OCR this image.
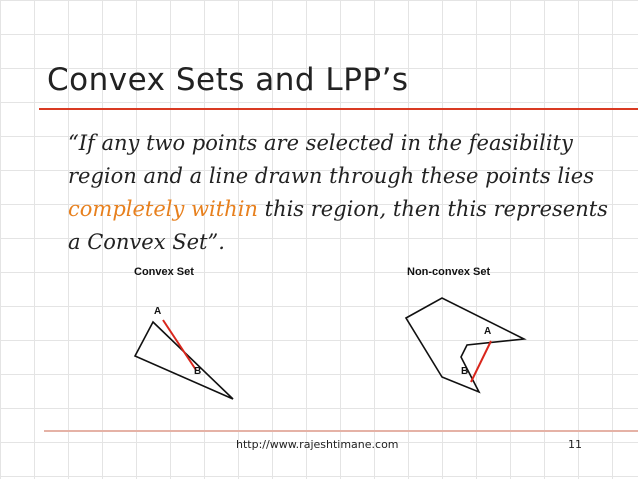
Convex Sets and LPP’s

“If any two points are selected in the feasibility region and a line drawn through these points lies completely within this region, then this represents a Convex Set”.

Convex Set	Non-convex Set
A
B
A
B
http://www.rajeshtimane.com	11
